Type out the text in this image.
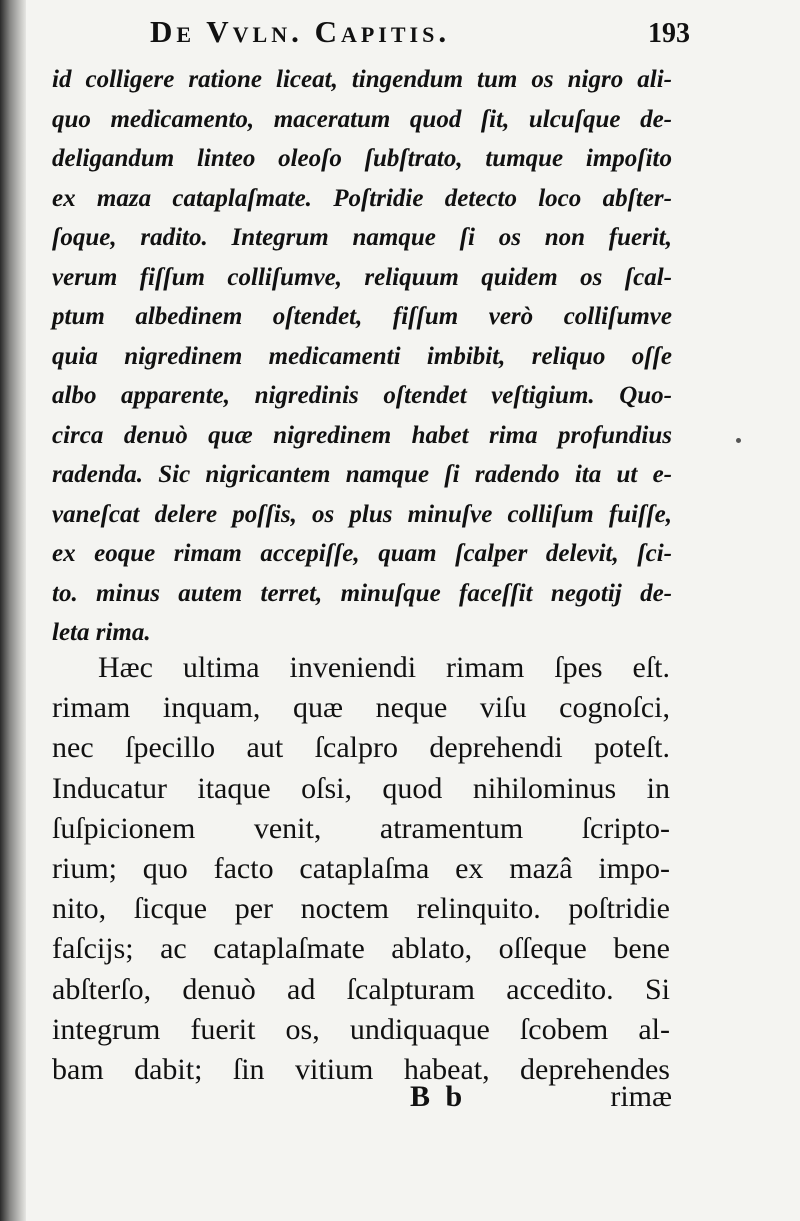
De Vvln. Capitis.	193
id colligere ratione liceat, tingendum tum os nigro ali-
quo medicamento, maceratum quod ſit, ulcuſque de-
deligandum linteo oleoſo ſubſtrato, tumque impoſito
ex maza cataplaſmate. Poſtridie detecto loco abſter-
ſoque, radito. Integrum namque ſi os non fuerit,
verum fiſſum colliſumve, reliquum quidem os ſcal-
ptum albedinem oſtendet, fiſſum verò colliſumve
quia nigredinem medicamenti imbibit, reliquo oſſe
albo apparente, nigredinis oſtendet veſtigium. Quo-
circa denuò quæ nigredinem habet rima profundius
radenda. Sic nigricantem namque ſi radendo ita ut e-
vaneſcat delere poſſis, os plus minuſve colliſum fuiſſe,
ex eoque rimam accepiſſe, quam ſcalper delevit, ſci-
to. minus autem terret, minuſque faceſſit negotij de-
leta rima.
Hæc ultima inveniendi rimam ſpes eſt.
rimam inquam, quæ neque viſu cognoſci,
nec ſpecillo aut ſcalpro deprehendi poteſt.
Inducatur itaque oſsi, quod nihilominus in
ſuſpicionem venit, atramentum ſcripto-
rium; quo facto cataplaſma ex mazâ impo-
nito, ſicque per noctem relinquito. poſtridie
faſcijs; ac cataplaſmate ablato, oſſeque bene
abſterſo, denuò ad ſcalpturam accedito. Si
integrum fuerit os, undiquaque ſcobem al-
bam dabit; ſin vitium habeat, deprehendes
B b	rimæ
